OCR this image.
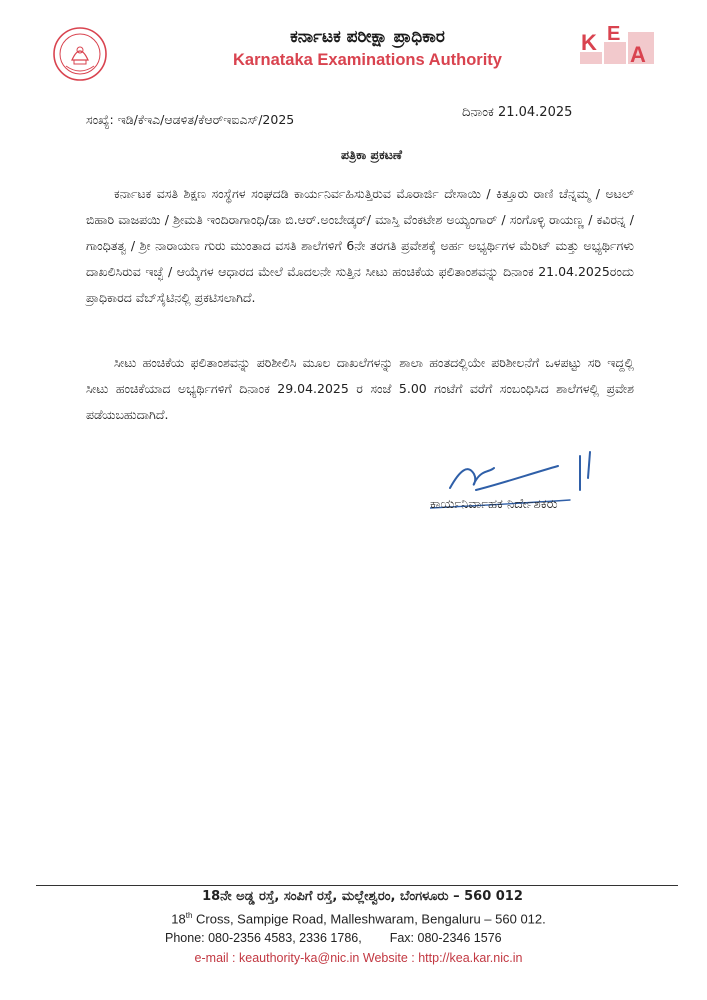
ಕರ್ನಾಟಕ ಪರೀಕ್ಷಾ ಪ್ರಾಧಿಕಾರ
Karnataka Examinations Authority
K E
A
ಸಂಖ್ಯೆ: ಇಡಿ/ಕೆಇಎ/ಆಡಳಿತ/ಕೆಆರ್‌ಇಐಎಸ್/2025	ದಿನಾಂಕ 21.04.2025
ಪತ್ರಿಕಾ ಪ್ರಕಟಣೆ
ಕರ್ನಾಟಕ ವಸತಿ ಶಿಕ್ಷಣ ಸಂಸ್ಥೆಗಳ ಸಂಘದಡಿ ಕಾರ್ಯನಿರ್ವಹಿಸುತ್ತಿರುವ ಮೊರಾರ್ಜಿ ದೇಸಾಯಿ / ಕಿತ್ತೂರು ರಾಣಿ ಚೆನ್ನಮ್ಮ / ಅಟಲ್ ಬಿಹಾರಿ ವಾಜಪಯಿ / ಶ್ರೀಮತಿ ಇಂದಿರಾಗಾಂಧಿ/ಡಾ ಬಿ.ಆರ್.ಅಂಬೇಡ್ಕರ್/ ಮಾಸ್ತಿ ವೆಂಕಟೇಶ ಅಯ್ಯಂಗಾರ್ / ಸಂಗೊಳ್ಳಿ ರಾಯಣ್ಣ / ಕವಿರನ್ನ / ಗಾಂಧಿತತ್ವ / ಶ್ರೀ ನಾರಾಯಣ ಗುರು ಮುಂತಾದ ವಸತಿ ಶಾಲೆಗಳಿಗೆ 6ನೇ ತರಗತಿ ಪ್ರವೇಶಕ್ಕೆ ಅರ್ಹ ಅಭ್ಯರ್ಥಿಗಳ ಮೆರಿಟ್ ಮತ್ತು ಅಭ್ಯರ್ಥಿಗಳು ದಾಖಲಿಸಿರುವ ಇಚ್ಛೆ / ಆಯ್ಕೆಗಳ ಆಧಾರದ ಮೇಲೆ ಮೊದಲನೇ ಸುತ್ತಿನ ಸೀಟು ಹಂಚಿಕೆಯ ಫಲಿತಾಂಶವನ್ನು ದಿನಾಂಕ 21.04.2025ರಂದು ಪ್ರಾಧಿಕಾರದ ವೆಬ್‌ಸೈಟಿನಲ್ಲಿ ಪ್ರಕಟಿಸಲಾಗಿದೆ.
ಸೀಟು ಹಂಚಿಕೆಯ ಫಲಿತಾಂಶವನ್ನು ಪರಿಶೀಲಿಸಿ ಮೂಲ ದಾಖಲೆಗಳನ್ನು ಶಾಲಾ ಹಂತದಲ್ಲಿಯೇ ಪರಿಶೀಲನೆಗೆ ಒಳಪಟ್ಟು ಸರಿ ಇದ್ದಲ್ಲಿ ಸೀಟು ಹಂಚಿಕೆಯಾದ ಅಭ್ಯರ್ಥಿಗಳಿಗೆ ದಿನಾಂಕ 29.04.2025 ರ ಸಂಜೆ 5.00 ಗಂಟೆಗೆ ವರೆಗೆ ಸಂಬಂಧಿಸಿದ ಶಾಲೆಗಳಲ್ಲಿ ಪ್ರವೇಶ ಪಡೆಯಬಹುದಾಗಿದೆ.
ಕಾರ್ಯನಿರ್ವಾಹಕ ನಿರ್ದೇಶಕರು
18ನೇ ಅಡ್ಡ ರಸ್ತೆ, ಸಂಪಿಗೆ ರಸ್ತೆ, ಮಲ್ಲೇಶ್ವರಂ, ಬೆಂಗಳೂರು – 560 012
18th Cross, Sampige Road, Malleshwaram, Bengaluru – 560 012.
Phone: 080-2356 4583, 2336 1786, Fax: 080-2346 1576
e-mail : keauthority-ka@nic.in Website : http://kea.kar.nic.in
